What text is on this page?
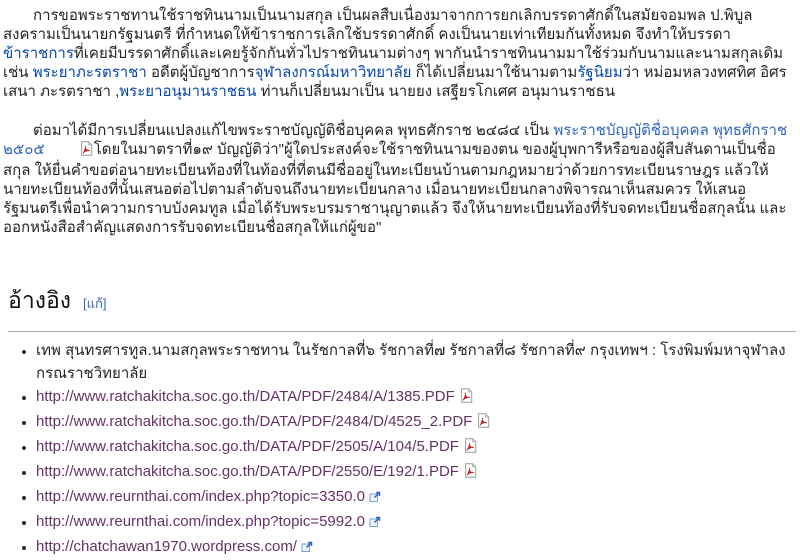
การขอพระราชทานใช้ราชทินนามเป็นนามสกุล เป็นผลสืบเนื่องมาจากการยกเลิกบรรดาศักดิ์ในสมัยจอมพล ป.พิบูลสงครามเป็นนายกรัฐมนตรี ที่กำหนดให้ข้าราชการเลิกใช้บรรดาศักดิ์ คงเป็นนายเท่าเทียมกันทั้งหมด จึงทำให้บรรดาข้าราชการที่เคยมีบรรดาศักดิ์และเคยรู้จักกันทั่วไปราชทินนามต่างๆ พากันนำราชทินนามมาใช้ร่วมกับนามและนามสกุลเดิม เช่น พระยาภะรตราชา อดีตผู้บัญชาการจุฬาลงกรณ์มหาวิทยาลัย ก็ได้เปลี่ยนมาใช้นามตามรัฐนิยมว่า หม่อมหลวงทศทิศ อิศรเสนา ภะรตราชา ,พระยาอนุมานราชธน ท่านก็เปลี่ยนมาเป็น นายยง เสฐียรโกเศศ อนุมานราชธน

ต่อมาได้มีการเปลี่ยนแปลงแก้ไขพระราชบัญญัติชื่อบุคคล พุทธศักราช ๒๔๘๔ เป็น พระราชบัญญัติชื่อบุคคล พุทธศักราช ๒๕๐๕	โดยในมาตราที่๑๙ บัญญัติว่า"ผู้ใดประสงค์จะใช้ราชทินนามของตน ของผู้บุพการีหรือของผู้สืบสันดานเป็นชื่อสกุล ให้ยื่นคำขอต่อนายทะเบียนท้องที่ในท้องที่ที่ตนมีชื่ออยู่ในทะเบียนบ้านตามกฎหมายว่าด้วยการทะเบียนราษฎร แล้วให้นายทะเบียนท้องที่นั้นเสนอต่อไปตามลำดับจนถึงนายทะเบียนกลาง เมื่อนายทะเบียนกลางพิจารณาเห็นสมควร ให้เสนอรัฐมนตรีเพื่อนำความกราบบังคมทูล เมื่อได้รับพระบรมราชานุญาตแล้ว จึงให้นายทะเบียนท้องที่รับจดทะเบียนชื่อสกุลนั้น และออกหนังสือสำคัญแสดงการรับจดทะเบียนชื่อสกุลให้แก่ผู้ขอ"

อ้างอิง [แก้]
• เทพ สุนทรศารทูล.นามสกุลพระราชทาน ในรัชกาลที่๖ รัชกาลที่๗ รัชกาลที่๘ รัชกาลที่๙ กรุงเทพฯ : โรงพิมพ์มหาจุฬาลงกรณราชวิทยาลัย
• http://www.ratchakitcha.soc.go.th/DATA/PDF/2484/A/1385.PDF
• http://www.ratchakitcha.soc.go.th/DATA/PDF/2484/D/4525_2.PDF
• http://www.ratchakitcha.soc.go.th/DATA/PDF/2505/A/104/5.PDF
• http://www.ratchakitcha.soc.go.th/DATA/PDF/2550/E/192/1.PDF
• http://www.reurnthai.com/index.php?topic=3350.0
• http://www.reurnthai.com/index.php?topic=5992.0
• http://chatchawan1970.wordpress.com/
